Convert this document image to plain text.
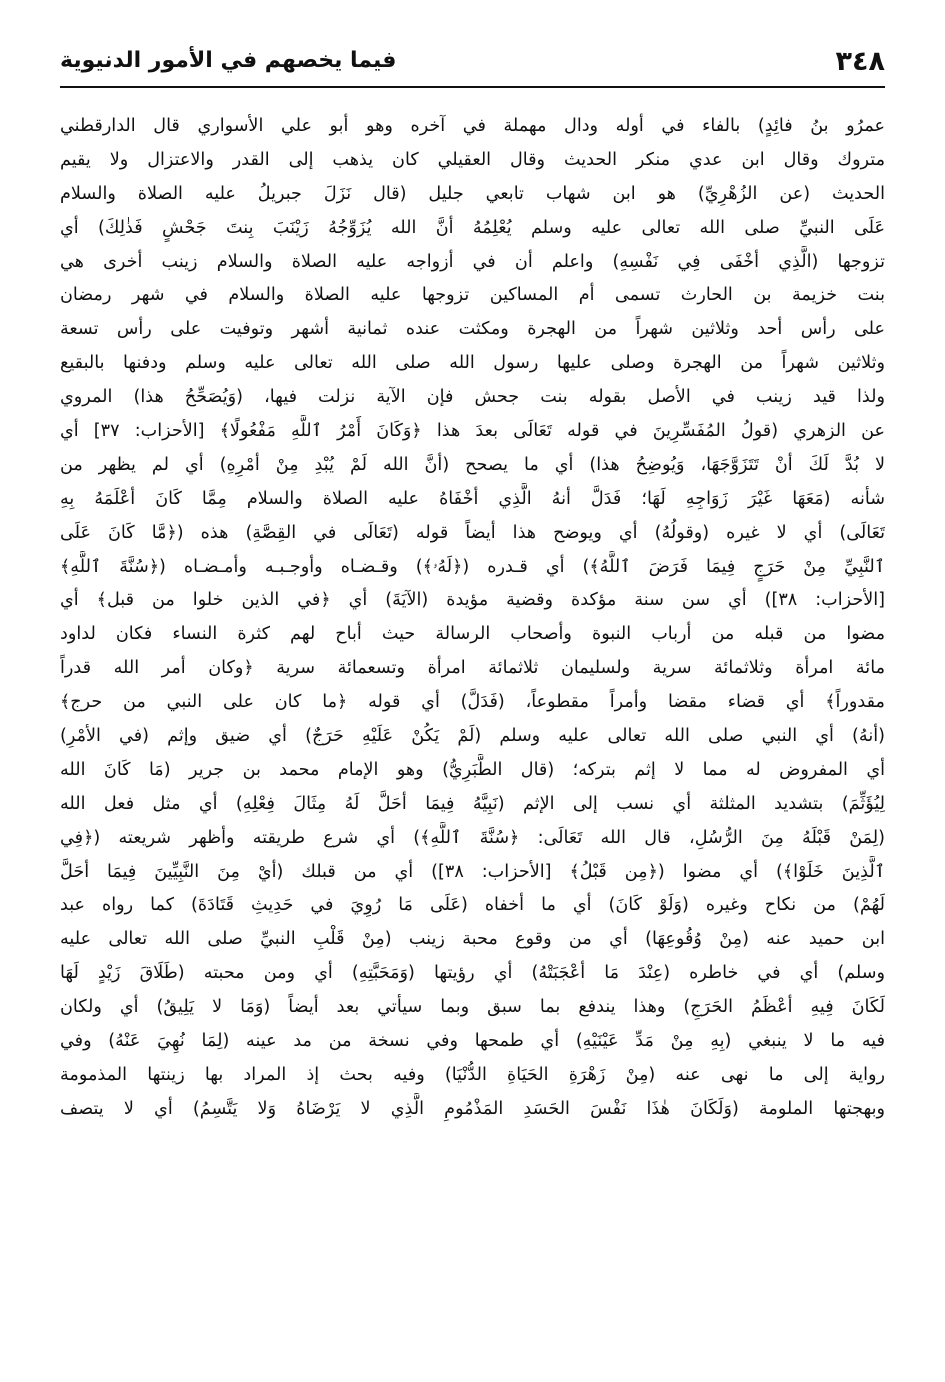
٣٤٨
فيما يخصهم في الأمور الدنيوية
عمرُو بنُ فائِدٍ) بالفاء في أوله ودال مهملة في آخره وهو أبو علي الأسواري قال الدارقطني
متروك وقال ابن عدي منكر الحديث وقال العقيلي كان يذهب إلى القدر والاعتزال ولا يقيم
الحديث (عن الزُهْرِيِّ) هو ابن شهاب تابعي جليل (قال نَزَلَ جبريلُ عليه الصلاة والسلام
عَلَى النبيِّ صلى الله تعالى عليه وسلم يُعْلِمُهُ أنَّ الله يُزَوِّجُهُ زَيْنَبَ بِنتَ جَحْشٍ فَذٰلِكَ) أي
تزوجها (الَّذِي أخْفَى فِي نَفْسِهِ) واعلم أن في أزواجه عليه الصلاة والسلام زينب أخرى هي
بنت خزيمة بن الحارث تسمى أم المساكين تزوجها عليه الصلاة والسلام في شهر رمضان
على رأس أحد وثلاثين شهراً من الهجرة ومكثت عنده ثمانية أشهر وتوفيت على رأس تسعة
وثلاثين شهراً من الهجرة وصلى عليها رسول الله صلى الله تعالى عليه وسلم ودفنها بالبقيع
ولذا قيد زينب في الأصل بقوله بنت جحش فإن الآية نزلت فيها، (وَيُصَحِّحُ هذا) المروي
عن الزهري (قولُ المُفَسِّرِينَ في قوله تَعَالَى بعدَ هذا ﴿وَكَانَ أَمْرُ ٱللَّهِ مَفْعُولًا﴾ [الأحزاب: ٣٧] أي
لا بُدَّ لَكَ أنْ تَتَزَوَّجَهَا، وَيُوضِحُ هذا) أي ما يصحح (أنَّ الله لَمْ يُبْدِ مِنْ أمْرِهِ) أي لم يظهر من
شأنه (مَعَهَا غَيْرَ زَوَاجِهِ لَهَا؛ فَدَلَّ أنهُ الَّذِي أخْفَاهُ عليه الصلاة والسلام مِمَّا كَانَ أعْلَمَهُ بِهِ
تَعَالَى) أي لا غيره (وقولُهُ) أي ويوضح هذا أيضاً قوله (تَعَالَى في القِصَّةِ) هذه (﴿مَّا كَانَ عَلَى
ٱلنَّبِيِّ مِنْ حَرَجٍ فِيمَا فَرَضَ ٱللَّهُ﴾) أي قـدره (﴿لَهُۥ﴾) وقـضـاه وأوجـبـه وأمـضـاه (﴿سُنَّةَ ٱللَّهِ﴾
[الأحزاب: ٣٨]) أي سن سنة مؤكدة وقضية مؤيدة (الآيَةَ) أي ﴿في الذين خلوا من قبل﴾ أي
مضوا من قبله من أرباب النبوة وأصحاب الرسالة حيث أباح لهم كثرة النساء فكان لداود
مائة امرأة وثلاثمائة سرية ولسليمان ثلاثمائة امرأة وتسعمائة سرية ﴿وكان أمر الله قدراً
مقدوراً﴾ أي قضاء مقضا وأمراً مقطوعاً، (فَدَلَّ) أي قوله ﴿ما كان على النبي من حرج﴾
(أنهُ) أي النبي صلى الله تعالى عليه وسلم (لَمْ يَكُنْ عَلَيْهِ حَرَجٌ) أي ضيق وإثم (في الأمْرِ)
أي المفروض له مما لا إثم بتركه؛ (قال الطَّبَرِيُّ) وهو الإمام محمد بن جرير (مَا كَانَ الله
لِيُؤَثِّمَ) بتشديد المثلثة أي نسب إلى الإثم (نَبِيَّهُ فِيمَا أحَلَّ لَهُ مِثَالَ فِعْلِهِ) أي مثل فعل الله
(لِمَنْ قَبْلَهُ مِنَ الرُّسُلِ، قال الله تَعَالَى: ﴿سُنَّةَ ٱللَّهِ﴾) أي شرع طريقته وأظهر شريعته (﴿فِي
ٱلَّذِينَ خَلَوْا﴾) أي مضوا (﴿مِن قَبْلُ﴾ [الأحزاب: ٣٨]) أي من قبلك (أيْ مِنَ النَّبِيِّينَ فِيمَا أحَلَّ
لَهُمْ) من نكاح وغيره (وَلَوْ كَانَ) أي ما أخفاه (عَلَى مَا رُوِيَ في حَدِيثِ قَتَادَةَ) كما رواه عبد
ابن حميد عنه (مِنْ وُقُوعِهَا) أي من وقوع محبة زينب (مِنْ قَلْبِ النبيِّ صلى الله تعالى عليه
وسلم) أي في خاطره (عِنْدَ مَا أعْجَبَتْهُ) أي رؤيتها (وَمَحَبَّتِهِ) أي ومن محبته (طَلَاقَ زَيْدٍ لَهَا
لَكَانَ فِيهِ أعْظَمُ الحَرَجِ) وهذا يندفع بما سبق وبما سيأتي بعد أيضاً (وَمَا لا يَلِيقُ) أي ولكان
فيه ما لا ينبغي (بِهِ مِنْ مَدِّ عَيْنَيْهِ) أي طمحها وفي نسخة من مد عينه (لِمَا نُهِيَ عَنْهُ) وفي
رواية إلى ما نهى عنه (مِنْ زَهْرَةِ الحَيَاةِ الدُّنْيَا) وفيه بحث إذ المراد بها زينتها المذمومة
وبهجتها الملومة (وَلَكَانَ هٰذَا نَفْسَ الحَسَدِ المَذْمُومِ الَّذِي لا يَرْضَاهُ وَلا يَتَّسِمُ) أي لا يتصف
